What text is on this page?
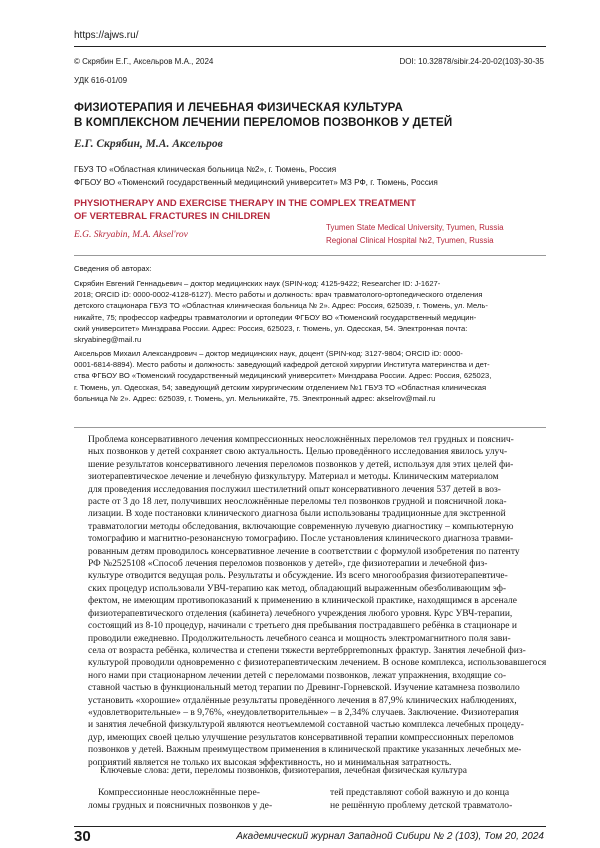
https://ajws.ru/
© Скрябин Е.Г., Аксельров М.А., 2024	DOI: 10.32878/sibir.24-20-02(103)-30-35
УДК 616-01/09
ФИЗИОТЕРАПИЯ И ЛЕЧЕБНАЯ ФИЗИЧЕСКАЯ КУЛЬТУРА
В КОМПЛЕКСНОМ ЛЕЧЕНИИ ПЕРЕЛОМОВ ПОЗВОНКОВ У ДЕТЕЙ
Е.Г. Скрябин, М.А. Аксельров
ГБУЗ ТО «Областная клиническая больница №2», г. Тюмень, Россия
ФГБОУ ВО «Тюменский государственный медицинский университет» МЗ РФ, г. Тюмень, Россия
PHYSIOTHERAPY AND EXERCISE THERAPY IN THE COMPLEX TREATMENT
OF VERTEBRAL FRACTURES IN CHILDREN
E.G. Skryabin, M.A. Aksel'rov
Tyumen State Medical University, Tyumen, Russia
Regional Clinical Hospital №2, Tyumen, Russia
Сведения об авторах:
Скрябин Евгений Геннадьевич – доктор медицинских наук (SPIN-код: 4125-9422; Researcher ID: J-1627-
2018; ORCID iD: 0000-0002-4128-6127). Место работы и должность: врач травматолого-ортопедического отделения
детского стационара ГБУЗ ТО «Областная клиническая больница № 2». Адрес: Россия, 625039, г. Тюмень, ул. Мель-
никайте, 75; профессор кафедры травматологии и ортопедии ФГБОУ ВО «Тюменский государственный медицин-
ский университет» Минздрава России. Адрес: Россия, 625023, г. Тюмень, ул. Одесская, 54. Электронная почта:
skryabineg@mail.ru
Аксельров Михаил Александрович – доктор медицинских наук, доцент (SPIN-код: 3127-9804; ORCID iD: 0000-
0001-6814-8894). Место работы и должность: заведующий кафедрой детской хирургии Института материнства и дет-
ства ФГБОУ ВО «Тюменский государственный медицинский университет» Минздрава России. Адрес: Россия, 625023,
г. Тюмень, ул. Одесская, 54; заведующий детским хирургическим отделением №1 ГБУЗ ТО «Областная клиническая
больница № 2». Адрес: 625039, г. Тюмень, ул. Мельникайте, 75. Электронный адрес: akselrov@mail.ru
Проблема консервативного лечения компрессионных неосложнённых переломов тел грудных и пояснич-
ных позвонков у детей сохраняет свою актуальность. Целью проведённого исследования явилось улуч-
шение результатов консервативного лечения переломов позвонков у детей, используя для этих целей фи-
зиотерапевтическое лечение и лечебную физкультуру. Материал и методы. Клиническим материалом
для проведения исследования послужил шестилетний опыт консервативного лечения 537 детей в воз-
расте от 3 до 18 лет, получивших неосложнённые переломы тел позвонков грудной и поясничной лока-
лизации. В ходе постановки клинического диагноза были использованы традиционные для экстренной
травматологии методы обследования, включающие современную лучевую диагностику – компьютерную
томографию и магнитно-резонансную томографию. После установления клинического диагноза травми-
рованным детям проводилось консервативное лечение в соответствии с формулой изобретения по патенту
РФ №2525108 «Способ лечения переломов позвонков у детей», где физиотерапии и лечебной физ-
культуре отводится ведущая роль. Результаты и обсуждение. Из всего многообразия физиотерапевтиче-
ских процедур использовали УВЧ-терапию как метод, обладающий выраженным обезболивающим эф-
фектом, не имеющим противопоказаний к применению в клинической практике, находящимся в арсенале
физиотерапевтического отделения (кабинета) лечебного учреждения любого уровня. Курс УВЧ-терапии,
состоящий из 8-10 процедур, начинали с третьего дня пребывания пострадавшего ребёнка в стационаре и
проводили ежедневно. Продолжительность лечебного сеанса и мощность электромагнитного поля зави-
села от возраста ребёнка, количества и степени тяжести вертебрpremоnных фрактур. Занятия лечебной физ-
культурой проводили одновременно с физиотерапевтическим лечением. В основе комплекса, использовавшегося
ного нами при стационарном лечении детей с переломами позвонков, лежат упражнения, входящие со-
ставной частью в функциональный метод терапии по Древинг-Горневской. Изучение катамнеза позволило
установить «хорошие» отдалённые результаты проведённого лечения в 87,9% клинических наблюдениях,
«удовлетворительные» – в 9,76%, «неудовлетворительные» – в 2,34% случаев. Заключение. Физиотерапия
и занятия лечебной физкультурой являются неотъемлемой составной частью комплекса лечебных процеду-
дур, имеющих своей целью улучшение результатов консервативной терапии компрессионных переломов
позвонков у детей. Важным преимуществом применения в клинической практике указанных лечебных ме-
роприятий является не только их высокая эффективность, но и минимальная затратность.
Ключевые слова: дети, переломы позвонков, физиотерапия, лечебная физическая культура
Компрессионные неосложнённые пере-
ломы грудных и поясничных позвонков у де-
тей представляют собой важную и до конца
не решённую проблему детской травматоло-
30	Академический журнал Западной Сибири № 2 (103), Том 20, 2024
